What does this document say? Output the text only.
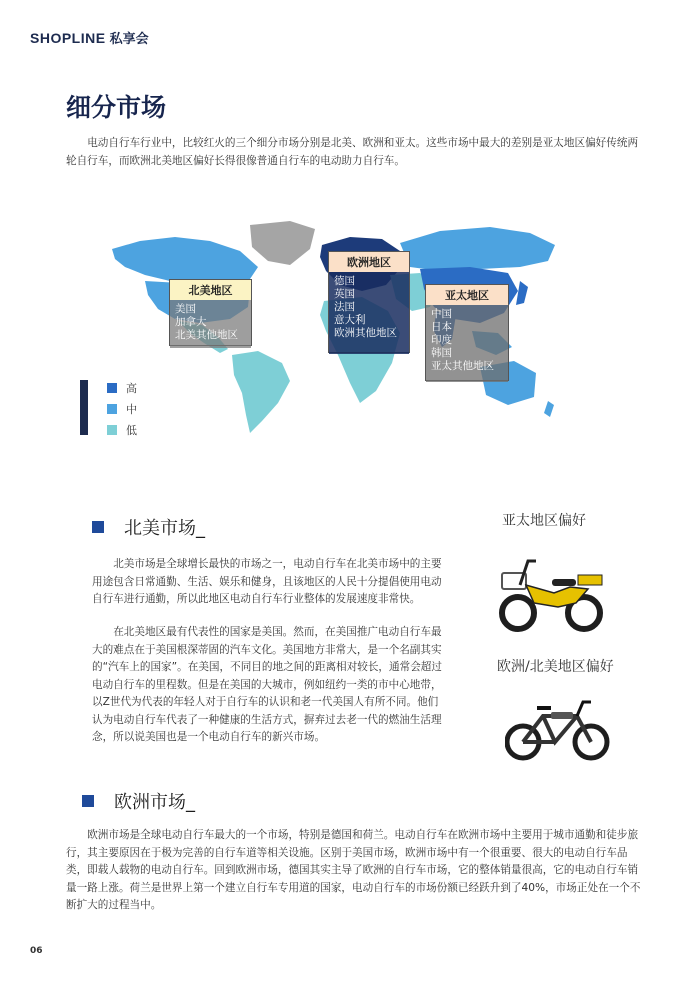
SHOPLINE 私享会
细分市场
电动自行车行业中，比较红火的三个细分市场分别是北美、欧洲和亚太。这些市场中最大的差别是亚太地区偏好传统两轮自行车，而欧洲北美地区偏好长得很像普通自行车的电动助力自行车。
北美地区
美国
加拿大
北美其他地区
欧洲地区
德国
英国
法国
意大利
欧洲其他地区
亚太地区
中国
日本
印度
韩国
亚太其他地区
高
中
低
北美市场_
北美市场是全球增长最快的市场之一，电动自行车在北美市场中的主要用途包含日常通勤、生活、娱乐和健身，且该地区的人民十分提倡使用电动自行车进行通勤，所以此地区电动自行车行业整体的发展速度非常快。
在北美地区最有代表性的国家是美国。然而，在美国推广电动自行车最大的难点在于美国根深蒂固的汽车文化。美国地方非常大，是一个名副其实的“汽车上的国家”。在美国，不同目的地之间的距离相对较长，通常会超过电动自行车的里程数。但是在美国的大城市，例如纽约一类的市中心地带，以Z世代为代表的年轻人对于自行车的认识和老一代美国人有所不同。他们认为电动自行车代表了一种健康的生活方式，摒弃过去老一代的燃油生活理念，所以说美国也是一个电动自行车的新兴市场。
亚太地区偏好
欧洲/北美地区偏好
欧洲市场_
欧洲市场是全球电动自行车最大的一个市场，特别是德国和荷兰。电动自行车在欧洲市场中主要用于城市通勤和徒步旅行，其主要原因在于极为完善的自行车道等相关设施。区别于美国市场，欧洲市场中有一个很重要、很大的电动自行车品类，即载人载物的电动自行车。回到欧洲市场，德国其实主导了欧洲的自行车市场，它的整体销量很高，它的电动自行车销量一路上涨。荷兰是世界上第一个建立自行车专用道的国家，电动自行车的市场份额已经跃升到了40%，市场正处在一个不断扩大的过程当中。
06
